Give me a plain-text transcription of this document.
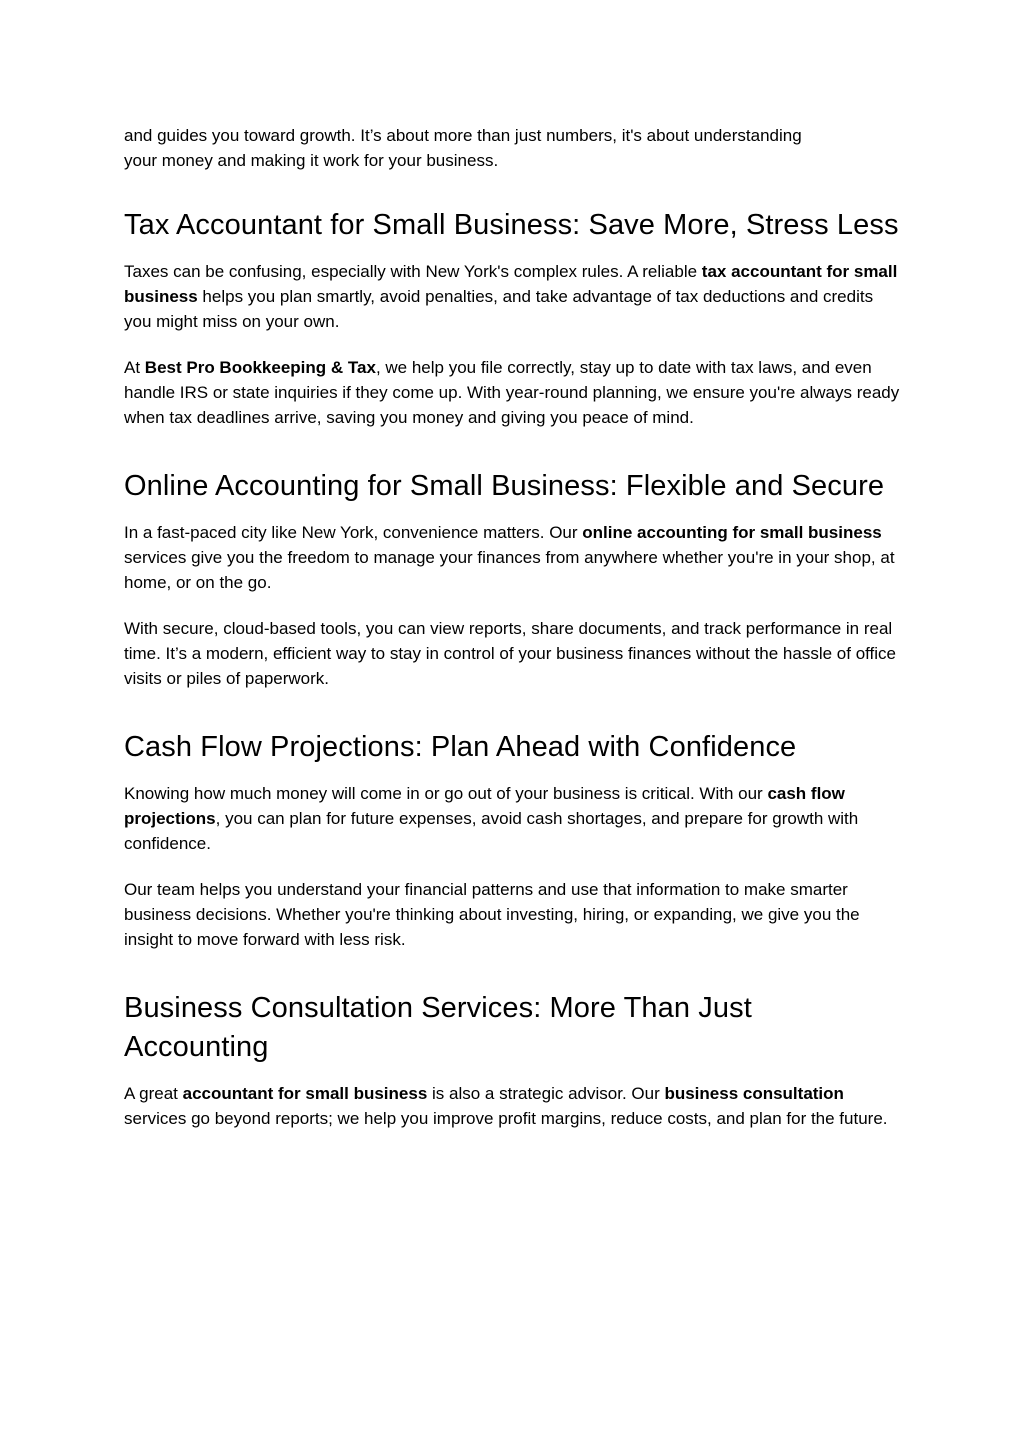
and guides you toward growth. It’s about more than just numbers, it's about understanding
your money and making it work for your business.

Tax Accountant for Small Business: Save More, Stress Less

Taxes can be confusing, especially with New York's complex rules. A reliable tax accountant for small business helps you plan smartly, avoid penalties, and take advantage of tax deductions and credits you might miss on your own.

At Best Pro Bookkeeping & Tax, we help you file correctly, stay up to date with tax laws, and even handle IRS or state inquiries if they come up. With year-round planning, we ensure you're always ready when tax deadlines arrive, saving you money and giving you peace of mind.

Online Accounting for Small Business: Flexible and Secure

In a fast-paced city like New York, convenience matters. Our online accounting for small business services give you the freedom to manage your finances from anywhere whether you're in your shop, at home, or on the go.

With secure, cloud-based tools, you can view reports, share documents, and track performance in real time. It’s a modern, efficient way to stay in control of your business finances without the hassle of office visits or piles of paperwork.

Cash Flow Projections: Plan Ahead with Confidence

Knowing how much money will come in or go out of your business is critical. With our cash flow projections, you can plan for future expenses, avoid cash shortages, and prepare for growth with confidence.

Our team helps you understand your financial patterns and use that information to make smarter business decisions. Whether you're thinking about investing, hiring, or expanding, we give you the insight to move forward with less risk.

Business Consultation Services: More Than Just Accounting

A great accountant for small business is also a strategic advisor. Our business consultation services go beyond reports; we help you improve profit margins, reduce costs, and plan for the future.
